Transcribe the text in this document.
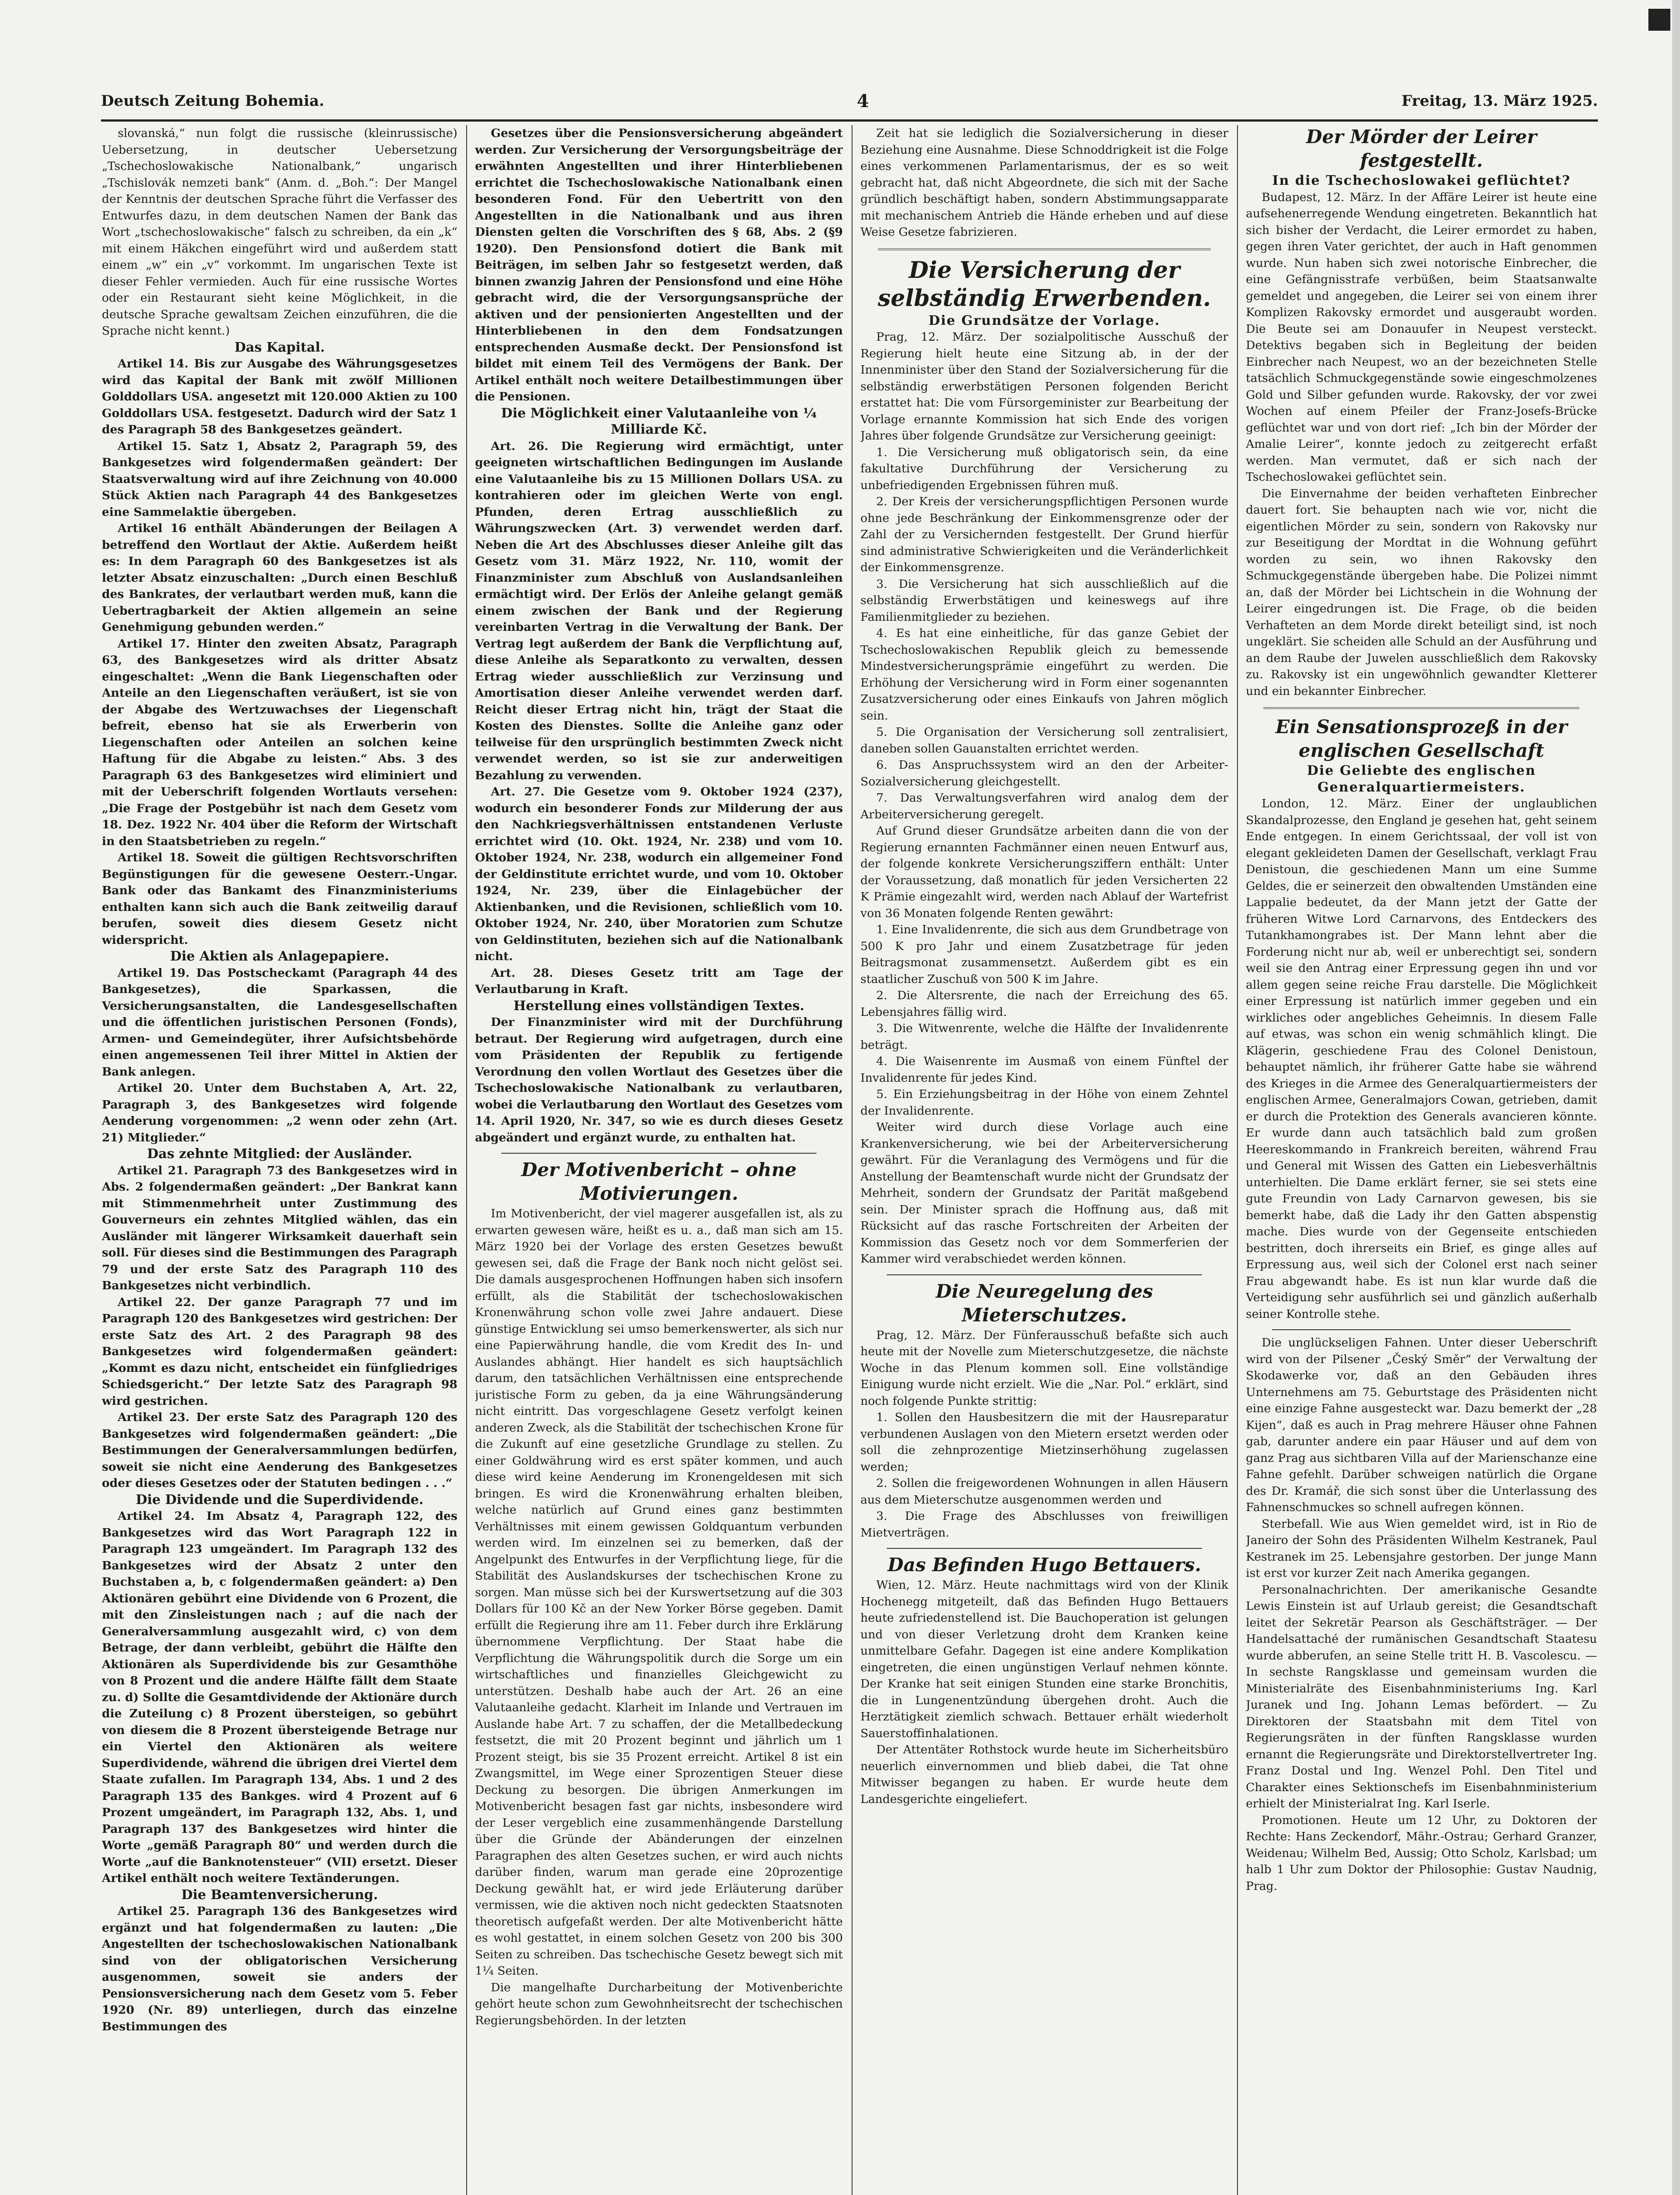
Deutsch Zeitung Bohemia.	4	Freitag, 13. März 1925.

slovanská,“ nun folgt die russische (kleinrussische) Uebersetzung, in deutscher Uebersetzung „Tschechoslowakische Nationalbank,“ ungarisch „Tschislovák nemzeti bank“ (Anm. d. „Boh.“: Der Mangel der Kenntnis der deutschen Sprache führt die Verfasser des Entwurfes dazu, in dem deutschen Namen der Bank das Wort „tschechoslowakische“ falsch zu schreiben, da ein „k“ mit einem Häkchen eingeführt wird und außerdem statt einem „w“ ein „v“ vorkommt. Im ungarischen Texte ist dieser Fehler vermieden. Auch für eine russische Wortes oder ein Restaurant sieht keine Möglichkeit, in die deutsche Sprache gewaltsam Zeichen einzuführen, die die Sprache nicht kennt.)

Das Kapital.

Artikel 14. Bis zur Ausgabe des Währungsgesetzes wird das Kapital der Bank mit zwölf Millionen Golddollars USA. angesetzt mit 120.000 Aktien zu 100 Golddollars USA. festgesetzt. Dadurch wird der Satz 1 des Paragraph 58 des Bankgesetzes geändert.

Artikel 15. Satz 1, Absatz 2, Paragraph 59, des Bankgesetzes wird folgendermaßen geändert: Der Staatsverwaltung wird auf ihre Zeichnung von 40.000 Stück Aktien nach Paragraph 44 des Bankgesetzes eine Sammelaktie übergeben.

Artikel 16 enthält Abänderungen der Beilagen A betreffend den Wortlaut der Aktie. Außerdem heißt es: In dem Paragraph 60 des Bankgesetzes ist als letzter Absatz einzuschalten: „Durch einen Beschluß des Bankrates, der verlautbart werden muß, kann die Uebertragbarkeit der Aktien allgemein an seine Genehmigung gebunden werden.“

Artikel 17. Hinter den zweiten Absatz, Paragraph 63, des Bankgesetzes wird als dritter Absatz eingeschaltet: „Wenn die Bank Liegenschaften oder Anteile an den Liegenschaften veräußert, ist sie von der Abgabe des Wertzuwachses der Liegenschaft befreit, ebenso hat sie als Erwerberin von Liegenschaften oder Anteilen an solchen keine Haftung für die Abgabe zu leisten.“ Abs. 3 des Paragraph 63 des Bankgesetzes wird eliminiert und mit der Ueberschrift folgenden Wortlauts versehen: „Die Frage der Postgebühr ist nach dem Gesetz vom 18. Dez. 1922 Nr. 404 über die Reform der Wirtschaft in den Staatsbetrieben zu regeln.“

Artikel 18. Soweit die gültigen Rechtsvorschriften Begünstigungen für die gewesene Oesterr.-Ungar. Bank oder das Bankamt des Finanzministeriums enthalten kann sich auch die Bank zeitweilig darauf berufen, soweit dies diesem Gesetz nicht widerspricht.

Die Aktien als Anlagepapiere.

Artikel 19. Das Postscheckamt (Paragraph 44 des Bankgesetzes), die Sparkassen, die Versicherungsanstalten, die Landesgesellschaften und die öffentlichen juristischen Personen (Fonds), Armen- und Gemeindegüter, ihrer Aufsichtsbehörde einen angemessenen Teil ihrer Mittel in Aktien der Bank anlegen.

Artikel 20. Unter dem Buchstaben A, Art. 22, Paragraph 3, des Bankgesetzes wird folgende Aenderung vorgenommen: „2 wenn oder zehn (Art. 21) Mitglieder.“

Das zehnte Mitglied: der Ausländer.

Artikel 21. Paragraph 73 des Bankgesetzes wird in Abs. 2 folgendermaßen geändert: „Der Bankrat kann mit Stimmenmehrheit unter Zustimmung des Gouverneurs ein zehntes Mitglied wählen, das ein Ausländer mit längerer Wirksamkeit dauerhaft sein soll. Für dieses sind die Bestimmungen des Paragraph 79 und der erste Satz des Paragraph 110 des Bankgesetzes nicht verbindlich.

Artikel 22. Der ganze Paragraph 77 und im Paragraph 120 des Bankgesetzes wird gestrichen: Der erste Satz des Art. 2 des Paragraph 98 des Bankgesetzes wird folgendermaßen geändert: „Kommt es dazu nicht, entscheidet ein fünfgliedriges Schiedsgericht.“ Der letzte Satz des Paragraph 98 wird gestrichen.

Artikel 23. Der erste Satz des Paragraph 120 des Bankgesetzes wird folgendermaßen geändert: „Die Bestimmungen der Generalversammlungen bedürfen, soweit sie nicht eine Aenderung des Bankgesetzes oder dieses Gesetzes oder der Statuten bedingen . . .“

Die Dividende und die Superdividende.

Artikel 24. Im Absatz 4, Paragraph 122, des Bankgesetzes wird das Wort Paragraph 122 in Paragraph 123 umgeändert. Im Paragraph 132 des Bankgesetzes wird der Absatz 2 unter den Buchstaben a, b, c folgendermaßen geändert: a) Den Aktionären gebührt eine Dividende von 6 Prozent, die mit den Zinsleistungen nach ; auf die nach der Generalversammlung ausgezahlt wird, c) von dem Betrage, der dann verbleibt, gebührt die Hälfte den Aktionären als Superdividende bis zur Gesamthöhe von 8 Prozent und die andere Hälfte fällt dem Staate zu. d) Sollte die Gesamtdividende der Aktionäre durch die Zuteilung c) 8 Prozent übersteigen, so gebührt von diesem die 8 Prozent übersteigende Betrage nur ein Viertel den Aktionären als weitere Superdividende, während die übrigen drei Viertel dem Staate zufallen. Im Paragraph 134, Abs. 1 und 2 des Paragraph 135 des Bankges. wird 4 Prozent auf 6 Prozent umgeändert, im Paragraph 132, Abs. 1, und Paragraph 137 des Bankgesetzes wird hinter die Worte „gemäß Paragraph 80“ und werden durch die Worte „auf die Banknotensteuer“ (VII) ersetzt. Dieser Artikel enthält noch weitere Textänderungen.

Die Beamtenversicherung.

Artikel 25. Paragraph 136 des Bankgesetzes wird ergänzt und hat folgendermaßen zu lauten: „Die Angestellten der tschechoslowakischen Nationalbank sind von der obligatorischen Versicherung ausgenommen, soweit sie anders der Pensionsversicherung nach dem Gesetz vom 5. Feber 1920 (Nr. 89) unterliegen, durch das einzelne Bestimmungen des

Gesetzes über die Pensionsversicherung abgeändert werden. Zur Versicherung der Versorgungsbeiträge der erwähnten Angestellten und ihrer Hinterbliebenen errichtet die Tschechoslowakische Nationalbank einen besonderen Fond. Für den Uebertritt von den Angestellten in die Nationalbank und aus ihren Diensten gelten die Vorschriften des § 68, Abs. 2 (§9 1920). Den Pensionsfond dotiert die Bank mit Beiträgen, im selben Jahr so festgesetzt werden, daß binnen zwanzig Jahren der Pensionsfond und eine Höhe gebracht wird, die der Versorgungsansprüche der aktiven und der pensionierten Angestellten und der Hinterbliebenen in den dem Fondsatzungen entsprechenden Ausmaße deckt. Der Pensionsfond ist bildet mit einem Teil des Vermögens der Bank. Der Artikel enthält noch weitere Detailbestimmungen über die Pensionen.

Die Möglichkeit einer Valutaanleihe von ¼ Milliarde Kč.

Art. 26. Die Regierung wird ermächtigt, unter geeigneten wirtschaftlichen Bedingungen im Auslande eine Valutaanleihe bis zu 15 Millionen Dollars USA. zu kontrahieren oder im gleichen Werte von engl. Pfunden, deren Ertrag ausschließlich zu Währungszwecken (Art. 3) verwendet werden darf. Neben die Art des Abschlusses dieser Anleihe gilt das Gesetz vom 31. März 1922, Nr. 110, womit der Finanzminister zum Abschluß von Auslandsanleihen ermächtigt wird. Der Erlös der Anleihe gelangt gemäß einem zwischen der Bank und der Regierung vereinbarten Vertrag in die Verwaltung der Bank. Der Vertrag legt außerdem der Bank die Verpflichtung auf, diese Anleihe als Separatkonto zu verwalten, dessen Ertrag wieder ausschließlich zur Verzinsung und Amortisation dieser Anleihe verwendet werden darf. Reicht dieser Ertrag nicht hin, trägt der Staat die Kosten des Dienstes. Sollte die Anleihe ganz oder teilweise für den ursprünglich bestimmten Zweck nicht verwendet werden, so ist sie zur anderweitigen Bezahlung zu verwenden.

Art. 27. Die Gesetze vom 9. Oktober 1924 (237), wodurch ein besonderer Fonds zur Milderung der aus den Nachkriegsverhältnissen entstandenen Verluste errichtet wird (10. Okt. 1924, Nr. 238) und vom 10. Oktober 1924, Nr. 238, wodurch ein allgemeiner Fond der Geldinstitute errichtet wurde, und vom 10. Oktober 1924, Nr. 239, über die Einlagebücher der Aktienbanken, und die Revisionen, schließlich vom 10. Oktober 1924, Nr. 240, über Moratorien zum Schutze von Geldinstituten, beziehen sich auf die Nationalbank nicht.

Art. 28. Dieses Gesetz tritt am Tage der Verlautbarung in Kraft.

Herstellung eines vollständigen Textes.

Der Finanzminister wird mit der Durchführung betraut. Der Regierung wird aufgetragen, durch eine vom Präsidenten der Republik zu fertigende Verordnung den vollen Wortlaut des Gesetzes über die Tschechoslowakische Nationalbank zu verlautbaren, wobei die Verlautbarung den Wortlaut des Gesetzes vom 14. April 1920, Nr. 347, so wie es durch dieses Gesetz abgeändert und ergänzt wurde, zu enthalten hat.

Der Motivenbericht – ohne Motivierungen.

Im Motivenbericht, der viel magerer ausgefallen ist, als zu erwarten gewesen wäre, heißt es u. a., daß man sich am 15. März 1920 bei der Vorlage des ersten Gesetzes bewußt gewesen sei, daß die Frage der Bank noch nicht gelöst sei. Die damals ausgesprochenen Hoffnungen haben sich insofern erfüllt, als die Stabilität der tschechoslowakischen Kronenwährung schon volle zwei Jahre andauert. Diese günstige Entwicklung sei umso bemerkenswerter, als sich nur eine Papierwährung handle, die vom Kredit des In- und Auslandes abhängt. Hier handelt es sich hauptsächlich darum, den tatsächlichen Verhältnissen eine entsprechende juristische Form zu geben, da ja eine Währungsänderung nicht eintritt. Das vorgeschlagene Gesetz verfolgt keinen anderen Zweck, als die Stabilität der tschechischen Krone für die Zukunft auf eine gesetzliche Grundlage zu stellen. Zu einer Goldwährung wird es erst später kommen, und auch diese wird keine Aenderung im Kronengeldesen mit sich bringen. Es wird die Kronenwährung erhalten bleiben, welche natürlich auf Grund eines ganz bestimmten Verhältnisses mit einem gewissen Goldquantum verbunden werden wird. Im einzelnen sei zu bemerken, daß der Angelpunkt des Entwurfes in der Verpflichtung liege, für die Stabilität des Auslandskurses der tschechischen Krone zu sorgen. Man müsse sich bei der Kurswertsetzung auf die 303 Dollars für 100 Kč an der New Yorker Börse gegeben. Damit erfüllt die Regierung ihre am 11. Feber durch ihre Erklärung übernommene Verpflichtung. Der Staat habe die Verpflichtung die Währungspolitik durch die Sorge um ein wirtschaftliches und finanzielles Gleichgewicht zu unterstützen. Deshalb habe auch der Art. 26 an eine Valutaanleihe gedacht. Klarheit im Inlande und Vertrauen im Auslande habe Art. 7 zu schaffen, der die Metallbedeckung festsetzt, die mit 20 Prozent beginnt und jährlich um 1 Prozent steigt, bis sie 35 Prozent erreicht. Artikel 8 ist ein Zwangsmittel, im Wege einer Sprozentigen Steuer diese Deckung zu besorgen. Die übrigen Anmerkungen im Motivenbericht besagen fast gar nichts, insbesondere wird der Leser vergeblich eine zusammenhängende Darstellung über die Gründe der Abänderungen der einzelnen Paragraphen des alten Gesetzes suchen, er wird auch nichts darüber finden, warum man gerade eine 20prozentige Deckung gewählt hat, er wird jede Erläuterung darüber vermissen, wie die aktiven noch nicht gedeckten Staatsnoten theoretisch aufgefaßt werden. Der alte Motivenbericht hätte es wohl gestattet, in einem solchen Gesetz von 200 bis 300 Seiten zu schreiben. Das tschechische Gesetz bewegt sich mit 1¼ Seiten.

Die mangelhafte Durcharbeitung der Motivenberichte gehört heute schon zum Gewohnheitsrecht der tschechischen Regierungsbehörden. In der letzten

Zeit hat sie lediglich die Sozialversicherung in dieser Beziehung eine Ausnahme. Diese Schnoddrigkeit ist die Folge eines verkommenen Parlamentarismus, der es so weit gebracht hat, daß nicht Abgeordnete, die sich mit der Sache gründlich beschäftigt haben, sondern Abstimmungsapparate mit mechanischem Antrieb die Hände erheben und auf diese Weise Gesetze fabrizieren.

Die Versicherung der selbständig Erwerbenden.

Die Grundsätze der Vorlage.

Prag, 12. März. Der sozialpolitische Ausschuß der Regierung hielt heute eine Sitzung ab, in der der Innenminister über den Stand der Sozialversicherung für die selbständig erwerbstätigen Personen folgenden Bericht erstattet hat: Die vom Fürsorgeminister zur Bearbeitung der Vorlage ernannte Kommission hat sich Ende des vorigen Jahres über folgende Grundsätze zur Versicherung geeinigt:

1. Die Versicherung muß obligatorisch sein, da eine fakultative Durchführung der Versicherung zu unbefriedigenden Ergebnissen führen muß.

2. Der Kreis der versicherungspflichtigen Personen wurde ohne jede Beschränkung der Einkommensgrenze oder der Zahl der zu Versichernden festgestellt. Der Grund hierfür sind administrative Schwierigkeiten und die Veränderlichkeit der Einkommensgrenze.

3. Die Versicherung hat sich ausschließlich auf die selbständig Erwerbstätigen und keineswegs auf ihre Familienmitglieder zu beziehen.

4. Es hat eine einheitliche, für das ganze Gebiet der Tschechoslowakischen Republik gleich zu bemessende Mindestversicherungsprämie eingeführt zu werden. Die Erhöhung der Versicherung wird in Form einer sogenannten Zusatzversicherung oder eines Einkaufs von Jahren möglich sein.

5. Die Organisation der Versicherung soll zentralisiert, daneben sollen Gauanstalten errichtet werden.

6. Das Anspruchssystem wird an den der Arbeiter-Sozialversicherung gleichgestellt.

7. Das Verwaltungsverfahren wird analog dem der Arbeiterversicherung geregelt.

Auf Grund dieser Grundsätze arbeiten dann die von der Regierung ernannten Fachmänner einen neuen Entwurf aus, der folgende konkrete Versicherungsziffern enthält: Unter der Voraussetzung, daß monatlich für jeden Versicherten 22 K Prämie eingezahlt wird, werden nach Ablauf der Wartefrist von 36 Monaten folgende Renten gewährt:

1. Eine Invalidenrente, die sich aus dem Grundbetrage von 500 K pro Jahr und einem Zusatzbetrage für jeden Beitragsmonat zusammensetzt. Außerdem gibt es ein staatlicher Zuschuß von 500 K im Jahre.

2. Die Altersrente, die nach der Erreichung des 65. Lebensjahres fällig wird.

3. Die Witwenrente, welche die Hälfte der Invalidenrente beträgt.

4. Die Waisenrente im Ausmaß von einem Fünftel der Invalidenrente für jedes Kind.

5. Ein Erziehungsbeitrag in der Höhe von einem Zehntel der Invalidenrente.

Weiter wird durch diese Vorlage auch eine Krankenversicherung, wie bei der Arbeiterversicherung gewährt. Für die Veranlagung des Vermögens und für die Anstellung der Beamtenschaft wurde nicht der Grundsatz der Mehrheit, sondern der Grundsatz der Parität maßgebend sein. Der Minister sprach die Hoffnung aus, daß mit Rücksicht auf das rasche Fortschreiten der Arbeiten der Kommission das Gesetz noch vor dem Sommerferien der Kammer wird verabschiedet werden können.

Die Neuregelung des Mieterschutzes.

Prag, 12. März. Der Fünferausschuß befaßte sich auch heute mit der Novelle zum Mieterschutzgesetze, die nächste Woche in das Plenum kommen soll. Eine vollständige Einigung wurde nicht erzielt. Wie die „Nar. Pol.“ erklärt, sind noch folgende Punkte strittig:

1. Sollen den Hausbesitzern die mit der Hausreparatur verbundenen Auslagen von den Mietern ersetzt werden oder soll die zehnprozentige Mietzinserhöhung zugelassen werden;

2. Sollen die freigewordenen Wohnungen in allen Häusern aus dem Mieterschutze ausgenommen werden und

3. Die Frage des Abschlusses von freiwilligen Mietverträgen.

Das Befinden Hugo Bettauers.

Wien, 12. März. Heute nachmittags wird von der Klinik Hochenegg mitgeteilt, daß das Befinden Hugo Bettauers heute zufriedenstellend ist. Die Bauchoperation ist gelungen und von dieser Verletzung droht dem Kranken keine unmittelbare Gefahr. Dagegen ist eine andere Komplikation eingetreten, die einen ungünstigen Verlauf nehmen könnte. Der Kranke hat seit einigen Stunden eine starke Bronchitis, die in Lungenentzündung übergehen droht. Auch die Herztätigkeit ziemlich schwach. Bettauer erhält wiederholt Sauerstoffinhalationen.

Der Attentäter Rothstock wurde heute im Sicherheitsbüro neuerlich einvernommen und blieb dabei, die Tat ohne Mitwisser begangen zu haben. Er wurde heute dem Landesgerichte eingeliefert.

Der Mörder der Leirer festgestellt.

In die Tschechoslowakei geflüchtet?

Budapest, 12. März. In der Affäre Leirer ist heute eine aufsehenerregende Wendung eingetreten. Bekanntlich hat sich bisher der Verdacht, die Leirer ermordet zu haben, gegen ihren Vater gerichtet, der auch in Haft genommen wurde. Nun haben sich zwei notorische Einbrecher, die eine Gefängnisstrafe verbüßen, beim Staatsanwalte gemeldet und angegeben, die Leirer sei von einem ihrer Komplizen Rakovsky ermordet und ausgeraubt worden. Die Beute sei am Donauufer in Neupest versteckt. Detektivs begaben sich in Begleitung der beiden Einbrecher nach Neupest, wo an der bezeichneten Stelle tatsächlich Schmuckgegenstände sowie eingeschmolzenes Gold und Silber gefunden wurde. Rakovsky, der vor zwei Wochen auf einem Pfeiler der Franz-Josefs-Brücke geflüchtet war und von dort rief: „Ich bin der Mörder der Amalie Leirer“, konnte jedoch zu zeitgerecht erfaßt werden. Man vermutet, daß er sich nach der Tschechoslowakei geflüchtet sein.

Die Einvernahme der beiden verhafteten Einbrecher dauert fort. Sie behaupten nach wie vor, nicht die eigentlichen Mörder zu sein, sondern von Rakovsky nur zur Beseitigung der Mordtat in die Wohnung geführt worden zu sein, wo ihnen Rakovsky den Schmuckgegenstände übergeben habe. Die Polizei nimmt an, daß der Mörder bei Lichtschein in die Wohnung der Leirer eingedrungen ist. Die Frage, ob die beiden Verhafteten an dem Morde direkt beteiligt sind, ist noch ungeklärt. Sie scheiden alle Schuld an der Ausführung und an dem Raube der Juwelen ausschließlich dem Rakovsky zu. Rakovsky ist ein ungewöhnlich gewandter Kletterer und ein bekannter Einbrecher.

Ein Sensationsprozeß in der englischen Gesellschaft

Die Geliebte des englischen Generalquartiermeisters.

London, 12. März. Einer der unglaublichen Skandalprozesse, den England je gesehen hat, geht seinem Ende entgegen. In einem Gerichtssaal, der voll ist von elegant gekleideten Damen der Gesellschaft, verklagt Frau Denistoun, die geschiedenen Mann um eine Summe Geldes, die er seinerzeit den obwaltenden Umständen eine Lappalie bedeutet, da der Mann jetzt der Gatte der früheren Witwe Lord Carnarvons, des Entdeckers des Tutankhamongrabes ist. Der Mann lehnt aber die Forderung nicht nur ab, weil er unberechtigt sei, sondern weil sie den Antrag einer Erpressung gegen ihn und vor allem gegen seine reiche Frau darstelle. Die Möglichkeit einer Erpressung ist natürlich immer gegeben und ein wirkliches oder angebliches Geheimnis. In diesem Falle auf etwas, was schon ein wenig schmählich klingt. Die Klägerin, geschiedene Frau des Colonel Denistoun, behauptet nämlich, ihr früherer Gatte habe sie während des Krieges in die Armee des Generalquartiermeisters der englischen Armee, Generalmajors Cowan, getrieben, damit er durch die Protektion des Generals avancieren könnte. Er wurde dann auch tatsächlich bald zum großen Heereskommando in Frankreich bereiten, während Frau und General mit Wissen des Gatten ein Liebesverhältnis unterhielten. Die Dame erklärt ferner, sie sei stets eine gute Freundin von Lady Carnarvon gewesen, bis sie bemerkt habe, daß die Lady ihr den Gatten abspenstig mache. Dies wurde von der Gegenseite entschieden bestritten, doch ihrerseits ein Brief, es ginge alles auf Erpressung aus, weil sich der Colonel erst nach seiner Frau abgewandt habe. Es ist nun klar wurde daß die Verteidigung sehr ausführlich sei und gänzlich außerhalb seiner Kontrolle stehe.

Die unglückseligen Fahnen. Unter dieser Ueberschrift wird von der Pilsener „Český Směr“ der Verwaltung der Skodawerke vor, daß an den Gebäuden ihres Unternehmens am 75. Geburtstage des Präsidenten nicht eine einzige Fahne ausgesteckt war. Dazu bemerkt der „28 Kijen“, daß es auch in Prag mehrere Häuser ohne Fahnen gab, darunter andere ein paar Häuser und auf dem von ganz Prag aus sichtbaren Villa auf der Marienschanze eine Fahne gefehlt. Darüber schweigen natürlich die Organe des Dr. Kramář, die sich sonst über die Unterlassung des Fahnenschmuckes so schnell aufregen können.

Sterbefall. Wie aus Wien gemeldet wird, ist in Rio de Janeiro der Sohn des Präsidenten Wilhelm Kestranek, Paul Kestranek im 25. Lebensjahre gestorben. Der junge Mann ist erst vor kurzer Zeit nach Amerika gegangen.

Personalnachrichten. Der amerikanische Gesandte Lewis Einstein ist auf Urlaub gereist; die Gesandtschaft leitet der Sekretär Pearson als Geschäftsträger. — Der Handelsattaché der rumänischen Gesandtschaft Staatesu wurde abberufen, an seine Stelle tritt H. B. Vascolescu. — In sechste Rangsklasse und gemeinsam wurden die Ministerialräte des Eisenbahnministeriums Ing. Karl Juranek und Ing. Johann Lemas befördert. — Zu Direktoren der Staatsbahn mit dem Titel von Regierungsräten in der fünften Rangsklasse wurden ernannt die Regierungsräte und Direktorstellvertreter Ing. Franz Dostal und Ing. Wenzel Pohl. Den Titel und Charakter eines Sektionschefs im Eisenbahnministerium erhielt der Ministerialrat Ing. Karl Iserle.

Promotionen. Heute um 12 Uhr, zu Doktoren der Rechte: Hans Zeckendorf, Mähr.-Ostrau; Gerhard Granzer, Weidenau; Wilhelm Bed, Aussig; Otto Scholz, Karlsbad; um halb 1 Uhr zum Doktor der Philosophie: Gustav Naudnig, Prag.
